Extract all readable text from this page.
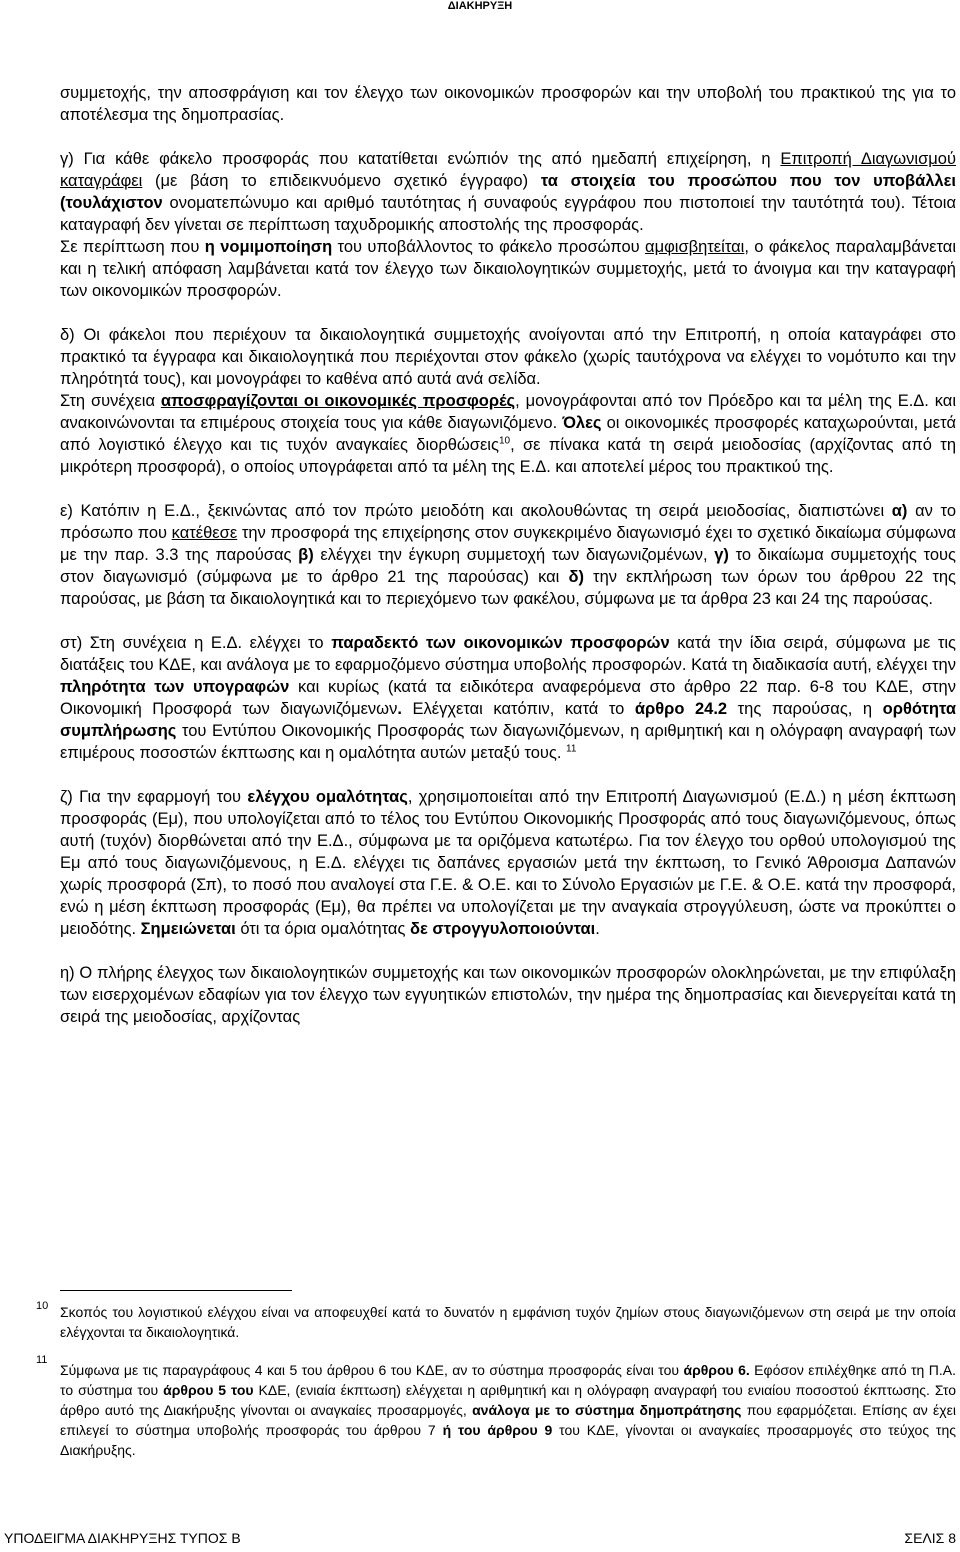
ΔΙΑΚΗΡΥΞΗ

συμμετοχής, την αποσφράγιση και τον έλεγχο των οικονομικών προσφορών και την υποβολή του πρακτικού της για το αποτέλεσμα της δημοπρασίας.

γ) Για κάθε φάκελο προσφοράς που κατατίθεται ενώπιόν της από ημεδαπή επιχείρηση, η Επιτροπή Διαγωνισμού καταγράφει (με βάση το επιδεικνυόμενο σχετικό έγγραφο) τα στοιχεία του προσώπου που τον υποβάλλει (τουλάχιστον ονοματεπώνυμο και αριθμό ταυτότητας ή συναφούς εγγράφου που πιστοποιεί την ταυτότητά του). Τέτοια καταγραφή δεν γίνεται σε περίπτωση ταχυδρομικής αποστολής της προσφοράς.

Σε περίπτωση που η νομιμοποίηση του υποβάλλοντος το φάκελο προσώπου αμφισβητείται, ο φάκελος παραλαμβάνεται και η τελική απόφαση λαμβάνεται κατά τον έλεγχο των δικαιολογητικών συμμετοχής, μετά το άνοιγμα και την καταγραφή των οικονομικών προσφορών.

δ) Οι φάκελοι που περιέχουν τα δικαιολογητικά συμμετοχής ανοίγονται από την Επιτροπή, η οποία καταγράφει στο πρακτικό τα έγγραφα και δικαιολογητικά που περιέχονται στον φάκελο (χωρίς ταυτόχρονα να ελέγχει το νομότυπο και την πληρότητά τους), και μονογράφει το καθένα από αυτά ανά σελίδα.

Στη συνέχεια αποσφραγίζονται οι οικονομικές προσφορές, μονογράφονται από τον Πρόεδρο και τα μέλη της Ε.Δ. και ανακοινώνονται τα επιμέρους στοιχεία τους για κάθε διαγωνιζόμενο. Όλες οι οικονομικές προσφορές καταχωρούνται, μετά από λογιστικό έλεγχο και τις τυχόν αναγκαίες διορθώσεις$^{10}$, σε πίνακα κατά τη σειρά μειοδοσίας (αρχίζοντας από τη μικρότερη προσφορά), ο οποίος υπογράφεται από τα μέλη της Ε.Δ. και αποτελεί μέρος του πρακτικού της.

ε) Κατόπιν η Ε.Δ., ξεκινώντας από τον πρώτο μειοδότη και ακολουθώντας τη σειρά μειοδοσίας, διαπιστώνει α) αν το πρόσωπο που κατέθεσε την προσφορά της επιχείρησης στον συγκεκριμένο διαγωνισμό έχει το σχετικό δικαίωμα σύμφωνα με την παρ. 3.3 της παρούσας β) ελέγχει την έγκυρη συμμετοχή των διαγωνιζομένων, γ) το δικαίωμα συμμετοχής τους στον διαγωνισμό (σύμφωνα με το άρθρο 21 της παρούσας) και δ) την εκπλήρωση των όρων του άρθρου 22 της παρούσας, με βάση τα δικαιολογητικά και το περιεχόμενο των φακέλου, σύμφωνα με τα άρθρα 23 και 24 της παρούσας.

στ) Στη συνέχεια η Ε.Δ. ελέγχει το παραδεκτό των οικονομικών προσφορών κατά την ίδια σειρά, σύμφωνα με τις διατάξεις του ΚΔΕ, και ανάλογα με το εφαρμοζόμενο σύστημα υποβολής προσφορών. Κατά τη διαδικασία αυτή, ελέγχει την πληρότητα των υπογραφών και κυρίως (κατά τα ειδικότερα αναφερόμενα στο άρθρο 22 παρ. 6-8 του ΚΔΕ, στην Οικονομική Προσφορά των διαγωνιζόμενων. Ελέγχεται κατόπιν, κατά το άρθρο 24.2 της παρούσας, η ορθότητα συμπλήρωσης του Εντύπου Οικονομικής Προσφοράς των διαγωνιζόμενων, η αριθμητική και η ολόγραφη αναγραφή των επιμέρους ποσοστών έκπτωσης και η ομαλότητα αυτών μεταξύ τους. $^{11}$

ζ) Για την εφαρμογή του ελέγχου ομαλότητας, χρησιμοποιείται από την Επιτροπή Διαγωνισμού (Ε.Δ.) η μέση έκπτωση προσφοράς (Εμ), που υπολογίζεται από το τέλος του Εντύπου Οικονομικής Προσφοράς από τους διαγωνιζόμενους, όπως αυτή (τυχόν) διορθώνεται από την Ε.Δ., σύμφωνα με τα οριζόμενα κατωτέρω. Για τον έλεγχο του ορθού υπολογισμού της Εμ από τους διαγωνιζόμενους, η Ε.Δ. ελέγχει τις δαπάνες εργασιών μετά την έκπτωση, το Γενικό Άθροισμα Δαπανών χωρίς προσφορά (Σπ), το ποσό που αναλογεί στα Γ.Ε. & Ο.Ε. και το Σύνολο Εργασιών με Γ.Ε. & Ο.Ε. κατά την προσφορά, ενώ η μέση έκπτωση προσφοράς (Εμ), θα πρέπει να υπολογίζεται με την αναγκαία στρογγύλευση, ώστε να προκύπτει ο μειοδότης. Σημειώνεται ότι τα όρια ομαλότητας δε στρογγυλοποιούνται.

η) Ο πλήρης έλεγχος των δικαιολογητικών συμμετοχής και των οικονομικών προσφορών ολοκληρώνεται, με την επιφύλαξη των εισερχομένων εδαφίων για τον έλεγχο των εγγυητικών επιστολών, την ημέρα της δημοπρασίας και διενεργείται κατά τη σειρά της μειοδοσίας, αρχίζοντας

10 Σκοπός του λογιστικού ελέγχου είναι να αποφευχθεί κατά το δυνατόν η εμφάνιση τυχόν ζημίων στους διαγωνιζόμενων στη σειρά με την οποία ελέγχονται τα δικαιολογητικά.
11
Σύμφωνα με τις παραγράφους 4 και 5 του άρθρου 6 του ΚΔΕ, αν το σύστημα προσφοράς είναι του άρθρου 6. Εφόσον επιλέχθηκε από τη Π.Α. το σύστημα του άρθρου 5 του ΚΔΕ, (ενιαία έκπτωση) ελέγχεται η αριθμητική και η ολόγραφη αναγραφή του ενιαίου ποσοστού έκπτωσης. Στο άρθρο αυτό της Διακήρυξης γίνονται οι αναγκαίες προσαρμογές, ανάλογα με το σύστημα δημοπράτησης που εφαρμόζεται. Επίσης αν έχει επιλεγεί το σύστημα υποβολής προσφοράς του άρθρου 7 ή του άρθρου 9 του ΚΔΕ, γίνονται οι αναγκαίες προσαρμογές στο τεύχος της Διακήρυξης.
ΥΠΟΔΕΙΓΜΑ ΔΙΑΚΗΡΥΞΗΣ ΤΥΠΟΣ Β	ΣΕΛΙΣ 8
